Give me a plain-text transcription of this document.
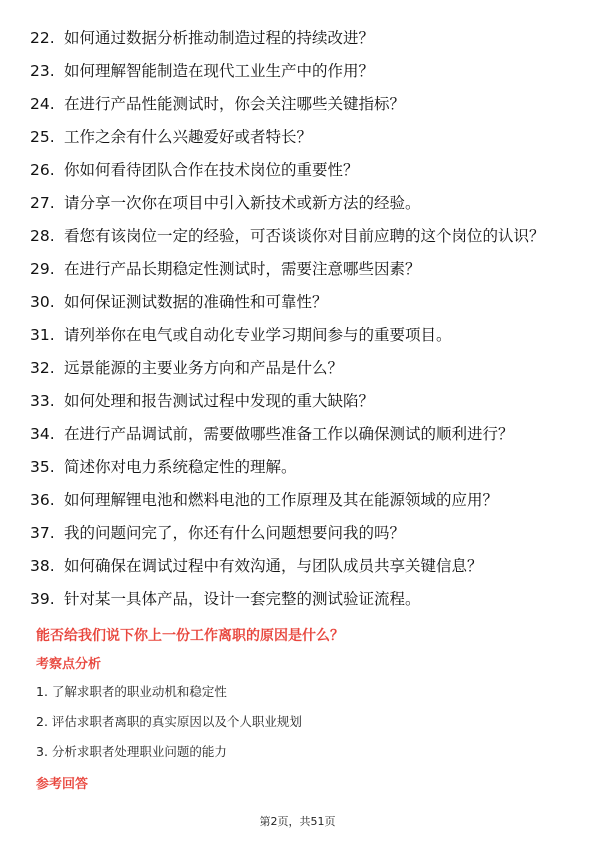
22. 如何通过数据分析推动制造过程的持续改进？
23. 如何理解智能制造在现代工业生产中的作用？
24. 在进行产品性能测试时，你会关注哪些关键指标？
25. 工作之余有什么兴趣爱好或者特长？
26. 你如何看待团队合作在技术岗位的重要性？
27. 请分享一次你在项目中引入新技术或新方法的经验。
28. 看您有该岗位一定的经验，可否谈谈你对目前应聘的这个岗位的认识？
29. 在进行产品长期稳定性测试时，需要注意哪些因素？
30. 如何保证测试数据的准确性和可靠性？
31. 请列举你在电气或自动化专业学习期间参与的重要项目。
32. 远景能源的主要业务方向和产品是什么？
33. 如何处理和报告测试过程中发现的重大缺陷？
34. 在进行产品调试前，需要做哪些准备工作以确保测试的顺利进行？
35. 简述你对电力系统稳定性的理解。
36. 如何理解锂电池和燃料电池的工作原理及其在能源领域的应用？
37. 我的问题问完了，你还有什么问题想要问我的吗？
38. 如何确保在调试过程中有效沟通，与团队成员共享关键信息？
39. 针对某一具体产品，设计一套完整的测试验证流程。
能否给我们说下你上一份工作离职的原因是什么？
考察点分析
1. 了解求职者的职业动机和稳定性
2. 评估求职者离职的真实原因以及个人职业规划
3. 分析求职者处理职业问题的能力
参考回答
第2页，共51页
